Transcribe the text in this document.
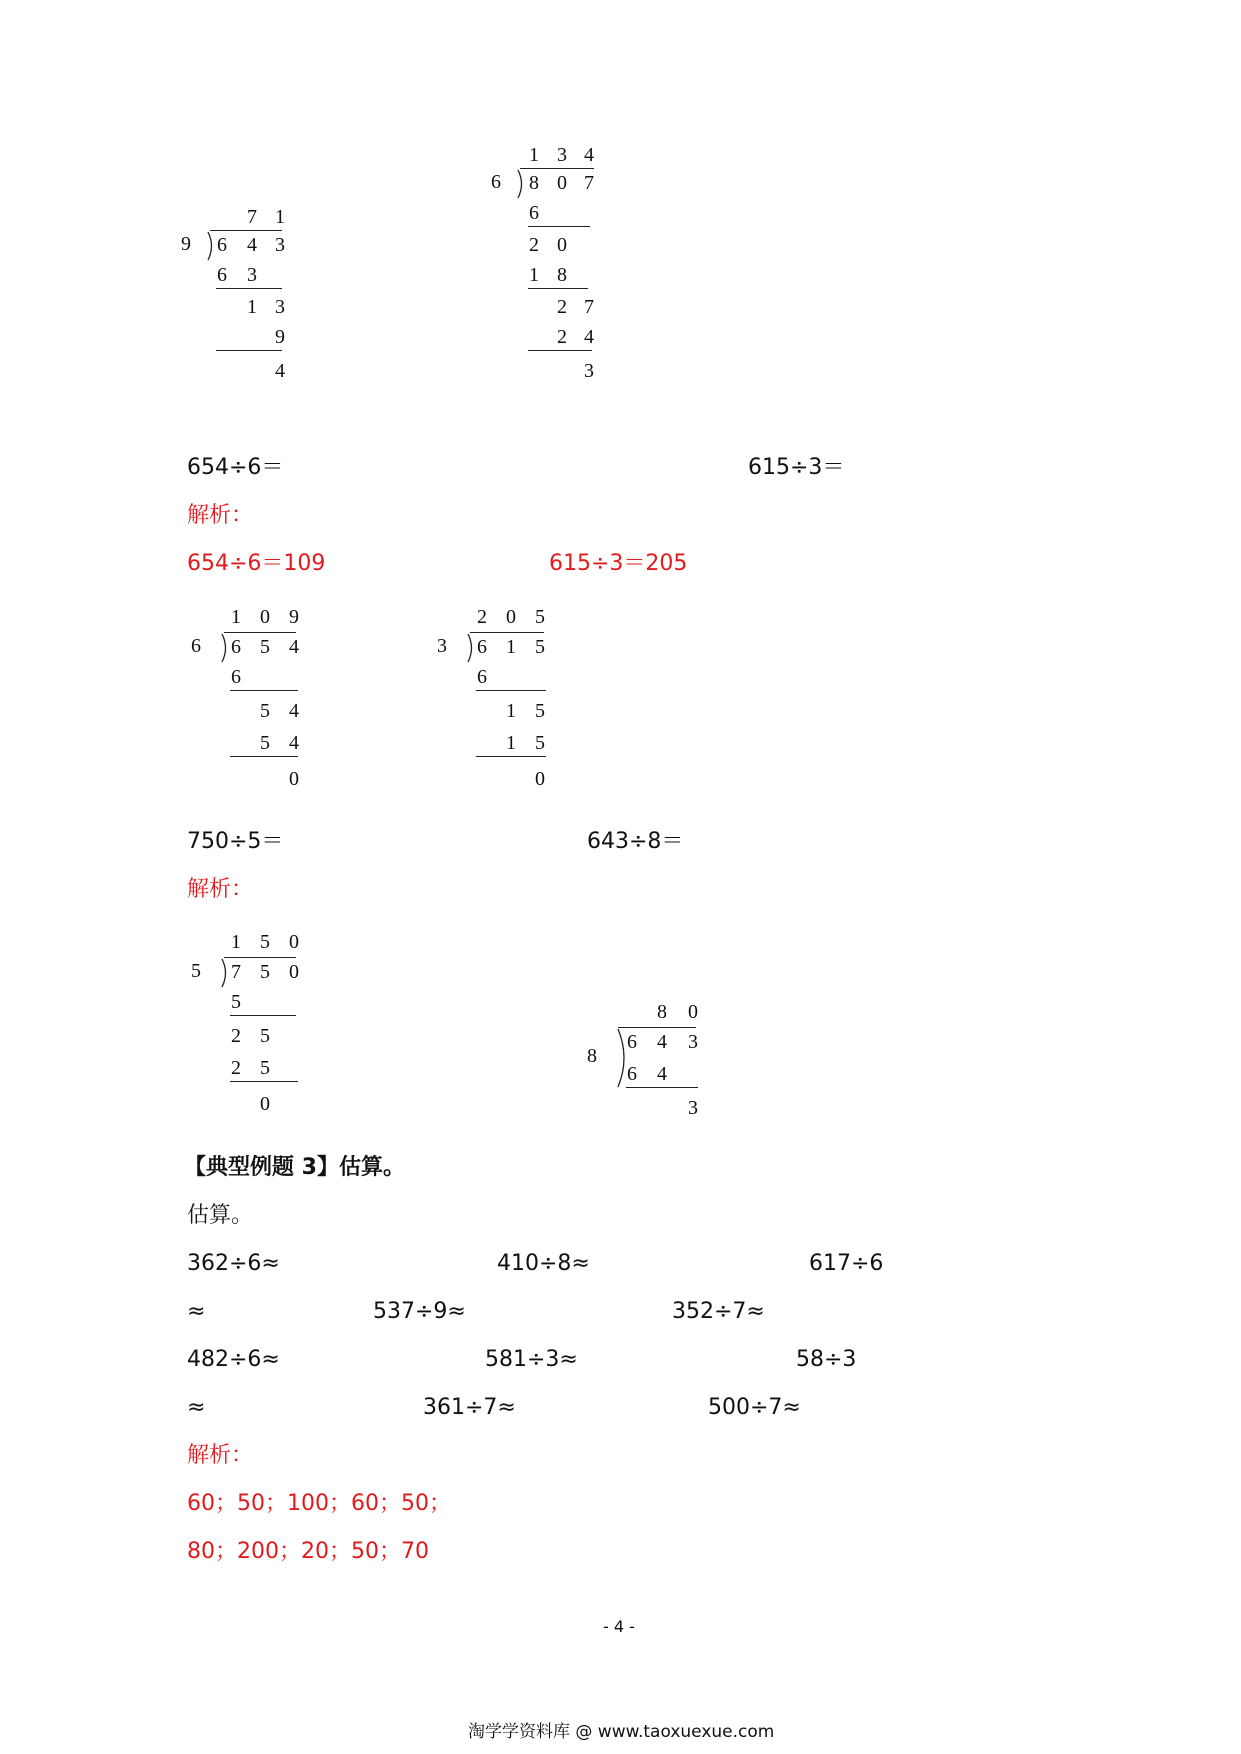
9
7 1
6	4 3
6	3
1 3
9
4
6
1 3 4
8 0 7
6
2 0
1 8
2 7
2 4
3
654÷6＝	615÷3＝
解析：
654÷6＝109	615÷3＝205
6
1 0 9
6 5 4
6
5 4
5 4
0
3
2 0 5
6 1 5
6
1 5
1 5
0
750÷5＝	643÷8＝
解析：
5
1 5 0
7 5 0
5
2 5
2 5
0
8
8	0
6	4	3
6	4
3
【典型例题 3】估算。
估算。
362÷6≈	410÷8≈	617÷6
≈	537÷9≈	352÷7≈
482÷6≈	581÷3≈	58÷3
≈	361÷7≈	500÷7≈
解析：
60；50；100；60；50；
80；200；20；50；70
- 4 -
淘学学资料库 @ www.taoxuexue.com
